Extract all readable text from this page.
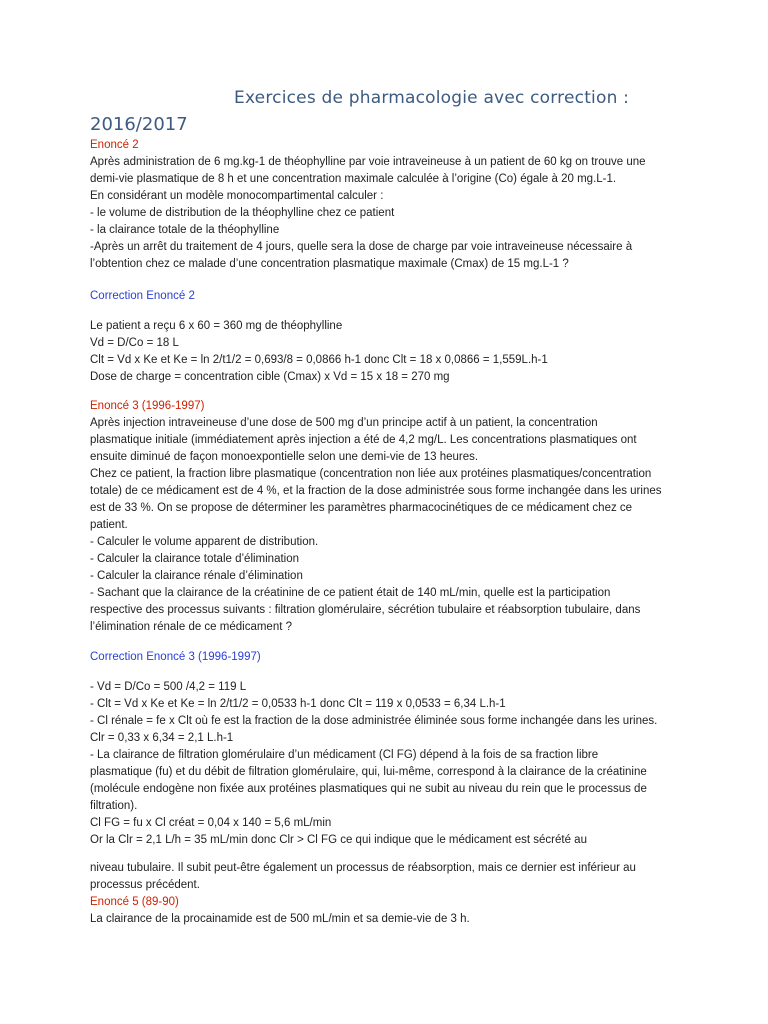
Exercices de pharmacologie avec correction :
2016/2017
Enoncé 2
Après administration de 6 mg.kg-1 de théophylline par voie intraveineuse à un patient de 60 kg on trouve une
demi-vie plasmatique de 8 h et une concentration maximale calculée à l’origine (Co) égale à 20 mg.L-1.
En considérant un modèle monocompartimental calculer :
- le volume de distribution de la théophylline chez ce patient
- la clairance totale de la théophylline
-Après un arrêt du traitement de 4 jours, quelle sera la dose de charge par voie intraveineuse nécessaire à
l’obtention chez ce malade d’une concentration plasmatique maximale (Cmax) de 15 mg.L-1 ?
Correction Enoncé 2
Le patient a reçu 6 x 60 = 360 mg de théophylline
Vd = D/Co = 18 L
Clt = Vd x Ke et Ke = ln 2/t1/2 = 0,693/8 = 0,0866 h-1 donc Clt = 18 x 0,0866 = 1,559L.h-1
Dose de charge = concentration cible (Cmax) x Vd = 15 x 18 = 270 mg
Enoncé 3 (1996-1997)
Après injection intraveineuse d’une dose de 500 mg d’un principe actif à un patient, la concentration
plasmatique initiale (immédiatement après injection a été de 4,2 mg/L. Les concentrations plasmatiques ont
ensuite diminué de façon monoexpontielle selon une demi-vie de 13 heures.
Chez ce patient, la fraction libre plasmatique (concentration non liée aux protéines plasmatiques/concentration
totale) de ce médicament est de 4 %, et la fraction de la dose administrée sous forme inchangée dans les urines
est de 33 %. On se propose de déterminer les paramètres pharmacocinétiques de ce médicament chez ce
patient.
- Calculer le volume apparent de distribution.
- Calculer la clairance totale d’élimination
- Calculer la clairance rénale d’élimination
- Sachant que la clairance de la créatinine de ce patient était de 140 mL/min, quelle est la participation
respective des processus suivants : filtration glomérulaire, sécrétion tubulaire et réabsorption tubulaire, dans
l’élimination rénale de ce médicament ?
Correction Enoncé 3 (1996-1997)
- Vd = D/Co = 500 /4,2 = 119 L
- Clt = Vd x Ke et Ke = ln 2/t1/2 = 0,0533 h-1 donc Clt = 119 x 0,0533 = 6,34 L.h-1
- Cl rénale = fe x Clt où fe est la fraction de la dose administrée éliminée sous forme inchangée dans les urines.
Clr = 0,33 x 6,34 = 2,1 L.h-1
- La clairance de filtration glomérulaire d’un médicament (Cl FG) dépend à la fois de sa fraction libre
plasmatique (fu) et du débit de filtration glomérulaire, qui, lui-même, correspond à la clairance de la créatinine
(molécule endogène non fixée aux protéines plasmatiques qui ne subit au niveau du rein que le processus de
filtration).
Cl FG = fu x Cl créat = 0,04 x 140 = 5,6 mL/min
Or la Clr = 2,1 L/h = 35 mL/min donc Clr > Cl FG ce qui indique que le médicament est sécrété au
niveau tubulaire. Il subit peut-être également un processus de réabsorption, mais ce dernier est inférieur au
processus précédent.
Enoncé 5 (89-90)
La clairance de la procainamide est de 500 mL/min et sa demie-vie de 3 h.
